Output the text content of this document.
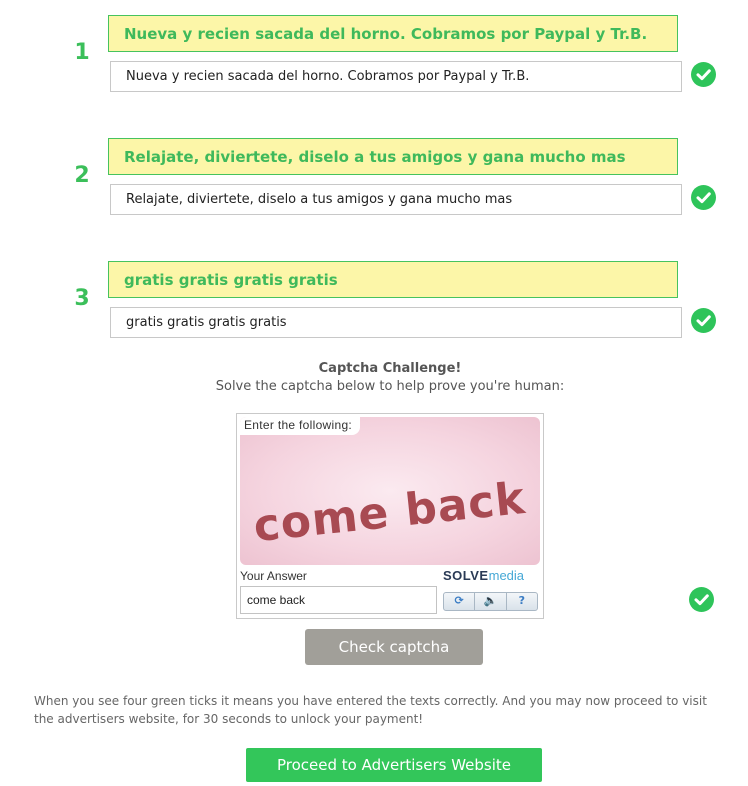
1
Nueva y recien sacada del horno. Cobramos por Paypal y Tr.B.
Nueva y recien sacada del horno. Cobramos por Paypal y Tr.B.
2
Relajate, diviertete, diselo a tus amigos y gana mucho mas
Relajate, diviertete, diselo a tus amigos y gana mucho mas
3
gratis gratis gratis gratis
gratis gratis gratis gratis
Captcha Challenge!
Solve the captcha below to help prove you're human:
come back
Enter the following:
Your Answer	SOLVEmedia
come back	⟳	🔈	?
Check captcha
When you see four green ticks it means you have entered the texts correctly. And you may now proceed to visit the advertisers website, for 30 seconds to unlock your payment!
Proceed to Advertisers Website
